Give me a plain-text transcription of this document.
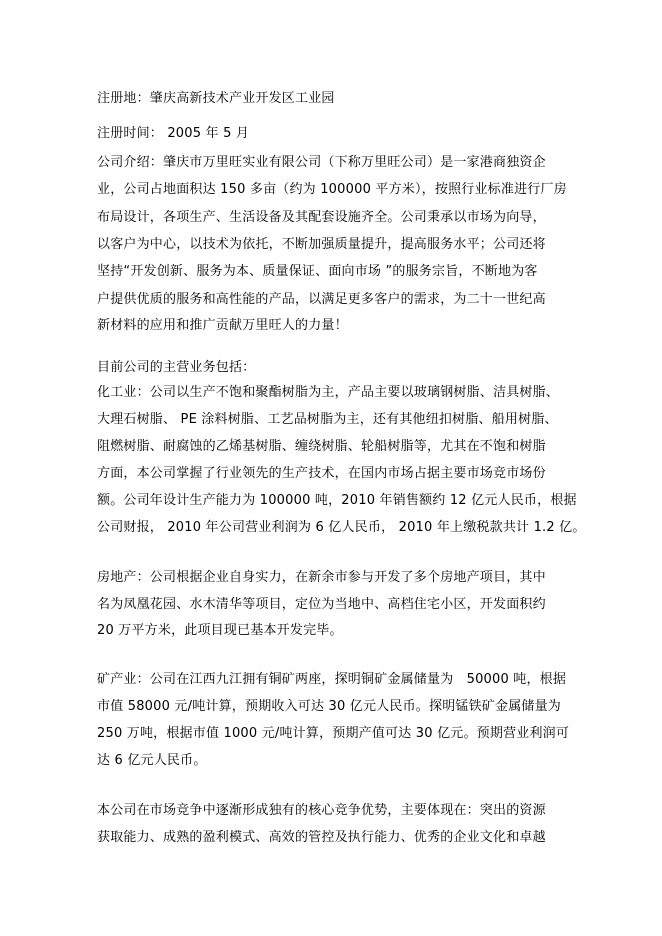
注册地：肇庆高新技术产业开发区工业园

注册时间： 2005 年 5 月

公司介绍：肇庆市万里旺实业有限公司（下称万里旺公司）是一家港商独资企

业，公司占地面积达 150 多亩（约为 100000 平方米），按照行业标准进行厂房

布局设计，各项生产、生活设备及其配套设施齐全。公司秉承以市场为向导，

以客户为中心，以技术为依托，不断加强质量提升，提高服务水平；公司还将

坚持“开发创新、服务为本、质量保证、面向市场 ”的服务宗旨，不断地为客

户提供优质的服务和高性能的产品，以满足更多客户的需求，为二十一世纪高

新材料的应用和推广贡献万里旺人的力量！

目前公司的主营业务包括：

化工业：公司以生产不饱和聚酯树脂为主，产品主要以玻璃钢树脂、洁具树脂、

大理石树脂、 PE 涂料树脂、工艺品树脂为主，还有其他纽扣树脂、船用树脂、

阻燃树脂、耐腐蚀的乙烯基树脂、缠绕树脂、轮船树脂等，尤其在不饱和树脂

方面，本公司掌握了行业领先的生产技术，在国内市场占据主要市场竞市场份

额。公司年设计生产能力为 100000 吨，2010 年销售额约 12 亿元人民币，根据

公司财报， 2010 年公司营业利润为 6 亿人民币， 2010 年上缴税款共计 1.2 亿。

房地产：公司根据企业自身实力，在新余市参与开发了多个房地产项目，其中

名为凤凰花园、水木清华等项目，定位为当地中、高档住宅小区，开发面积约

20 万平方米，此项目现已基本开发完毕。

矿产业：公司在江西九江拥有铜矿两座，探明铜矿金属储量为　50000 吨，根据

市值 58000 元/吨计算，预期收入可达 30 亿元人民币。探明锰铁矿金属储量为

250 万吨，根据市值 1000 元/吨计算，预期产值可达 30 亿元。预期营业利润可

达 6 亿元人民币。

本公司在市场竞争中逐渐形成独有的核心竞争优势，主要体现在：突出的资源

获取能力、成熟的盈利模式、高效的管控及执行能力、优秀的企业文化和卓越
